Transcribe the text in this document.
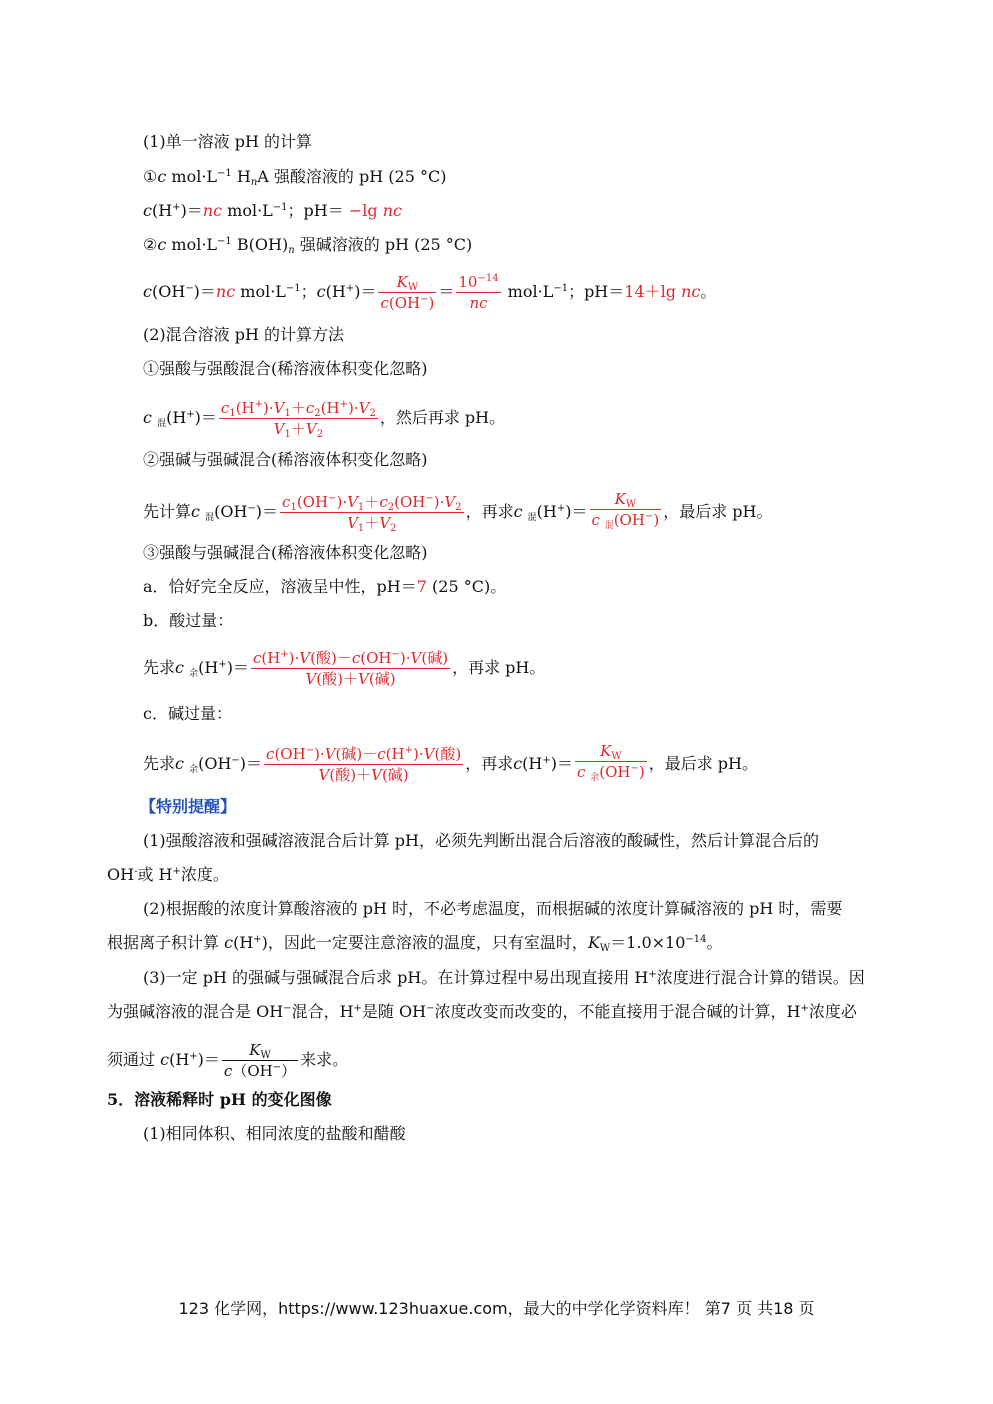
(1)单一溶液 pH 的计算
①c $mol\cdot L^{-1}$ $H_nA$ 强酸溶液的 pH (25 °C)
c(H+)＝nc $mol\cdot L^{-1}$；pH＝ −lg nc
②c $mol\cdot L^{-1}$ $B(OH)_n$ 强碱溶液的 pH (25 °C)
c(OH−)＝nc $mol\cdot L^{-1}$；$c(H^+)= \frac{K_W}{c(OH^-)} = \frac{10^{-14}}{nc} mol\cdot L^{-1}$；pH＝14＋lg nc。
(2)混合溶液 pH 的计算方法
①强酸与强酸混合(稀溶液体积变化忽略)
c 混$(H^+)= \frac{c_1(H^+)\cdot V_1+c_2(H^+)\cdot V_2}{V_1+V_2}$ ，然后再求 pH。
②强碱与强碱混合(稀溶液体积变化忽略)
先计算c 混$(OH^-)= \frac{c_1(OH^-)\cdot V_1+c_2(OH^-)\cdot V_2}{V_1+V_2}$ ，再求c 混$(H^+)= \frac{K_W}{c _混(OH^-)}$ ，最后求 pH。
③强酸与强碱混合(稀溶液体积变化忽略)
a．恰好完全反应，溶液呈中性，pH＝7 (25 °C)。
b．酸过量：
先求c 余$(H^+)= \frac{c(H^+)\cdot V(酸)-c(OH^-)\cdot V(碱)}{\text{V(酸)＋V(碱)}}$ ，再求 pH。
c．碱过量：
先求c 余$(OH^-)= \frac{c(OH^-)\cdot V(碱)-c(H^+)\cdot V(酸)}{\text{V(酸)＋V(碱)}}$ ，再求$c(H^+)= \frac{K_W}{c _余(OH^-)}$ ，最后求 pH。
【特别提醒】
(1)强酸溶液和强碱溶液混合后计算 pH，必须先判断出混合后溶液的酸碱性，然后计算混合后的
OH-或 H+浓度。
(2)根据酸的浓度计算酸溶液的 pH 时，不必考虑温度，而根据碱的浓度计算碱溶液的 pH 时，需要
根据离子积计算 c(H+)，因此一定要注意溶液的温度，只有室温时，$K_W=1.0\times 10^{-14}$。
(3)一定 pH 的强碱与强碱混合后求 pH。在计算过程中易出现直接用 H+浓度进行混合计算的错误。因
为强碱溶液的混合是 OH−混合，H+是随 OH−浓度改变而改变的，不能直接用于混合碱的计算，H+浓度必
须通过 $c(H^+)= \frac{K_W}{c(OH^-)}$ 来求。
5．溶液稀释时 pH 的变化图像
(1)相同体积、相同浓度的盐酸和醋酸
123 化学网，https://www.123huaxue.com，最大的中学化学资料库！ 第7 页 共18 页
